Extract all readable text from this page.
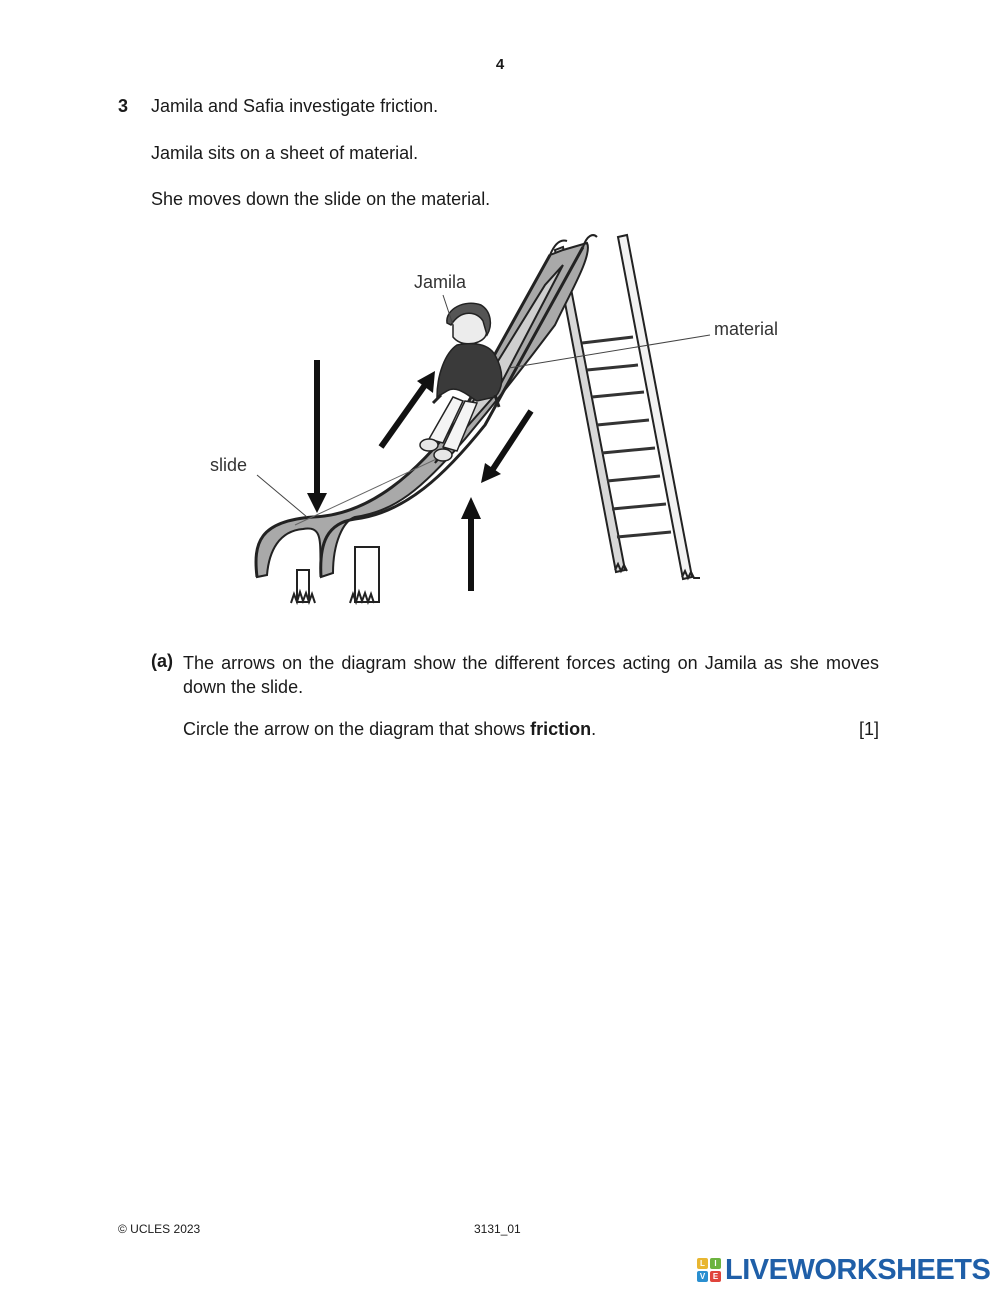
4
3 Jamila and Safia investigate friction.
Jamila sits on a sheet of material.
She moves down the slide on the material.
Jamila
material
slide
(a) The arrows on the diagram show the different forces acting on Jamila as she moves down the slide.
Circle the arrow on the diagram that shows friction.	[1]
© UCLES 2023	3131_01
L	I
V E LIVEWORKSHEETS
